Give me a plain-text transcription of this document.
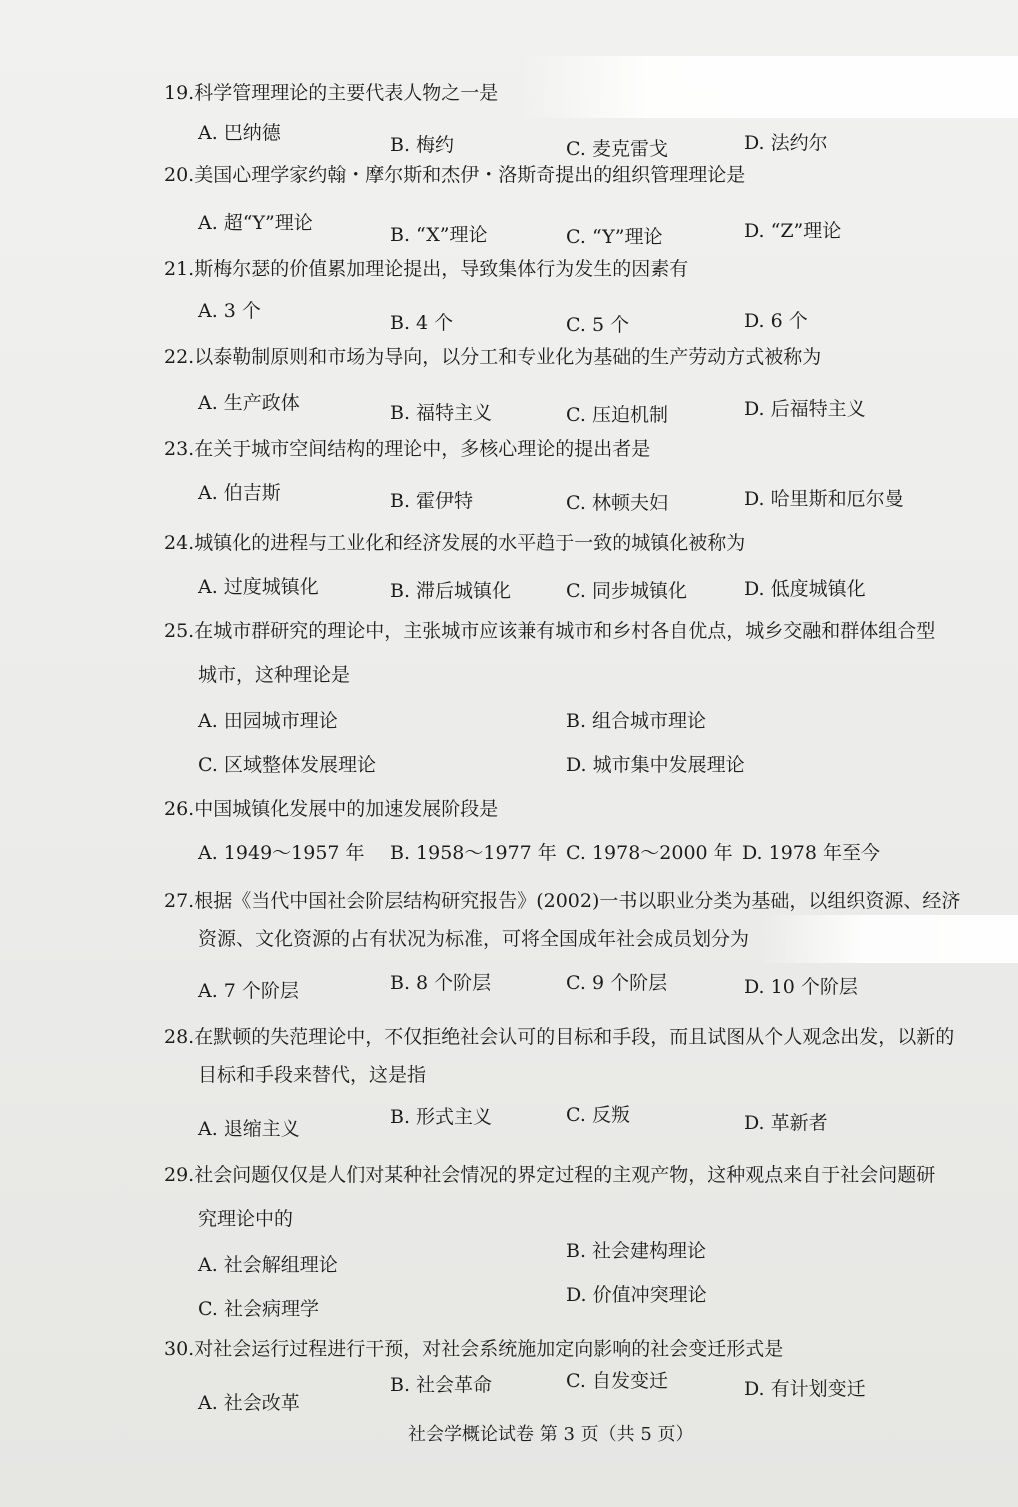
19.科学管理理论的主要代表人物之一是
A. 巴纳德
B. 梅约	C. 麦克雷戈	D. 法约尔
20.美国心理学家约翰・摩尔斯和杰伊・洛斯奇提出的组织管理理论是
A. 超“Y”理论
B. “X”理论	C. “Y”理论	D. “Z”理论
21.斯梅尔瑟的价值累加理论提出，导致集体行为发生的因素有
A. 3 个
B. 4 个	C. 5 个	D. 6 个
22.以泰勒制原则和市场为导向，以分工和专业化为基础的生产劳动方式被称为
A. 生产政体	B. 福特主义	C. 压迫机制	D. 后福特主义
23.在关于城市空间结构的理论中，多核心理论的提出者是
A. 伯吉斯	B. 霍伊特	C. 林顿夫妇	D. 哈里斯和厄尔曼
24.城镇化的进程与工业化和经济发展的水平趋于一致的城镇化被称为
A. 过度城镇化	B. 滞后城镇化	C. 同步城镇化	D. 低度城镇化
25.在城市群研究的理论中，主张城市应该兼有城市和乡村各自优点，城乡交融和群体组合型
城市，这种理论是
A. 田园城市理论	B. 组合城市理论
C. 区域整体发展理论	D. 城市集中发展理论
26.中国城镇化发展中的加速发展阶段是
A. 1949～1957 年 B. 1958～1977 年 C. 1978～2000 年 D. 1978 年至今
27.根据《当代中国社会阶层结构研究报告》(2002)一书以职业分类为基础，以组织资源、经济
资源、文化资源的占有状况为标准，可将全国成年社会成员划分为
A. 7 个阶层	B. 8 个阶层	C. 9 个阶层	D. 10 个阶层
28.在默顿的失范理论中，不仅拒绝社会认可的目标和手段，而且试图从个人观念出发，以新的
目标和手段来替代，这是指
A. 退缩主义
B. 形式主义	C. 反叛	D. 革新者
29.社会问题仅仅是人们对某种社会情况的界定过程的主观产物，这种观点来自于社会问题研
究理论中的
A. 社会解组理论
B. 社会建构理论
C. 社会病理学
D. 价值冲突理论
30.对社会运行过程进行干预，对社会系统施加定向影响的社会变迁形式是
A. 社会改革
B. 社会革命	C. 自发变迁	D. 有计划变迁
社会学概论试卷 第 3 页（共 5 页）
